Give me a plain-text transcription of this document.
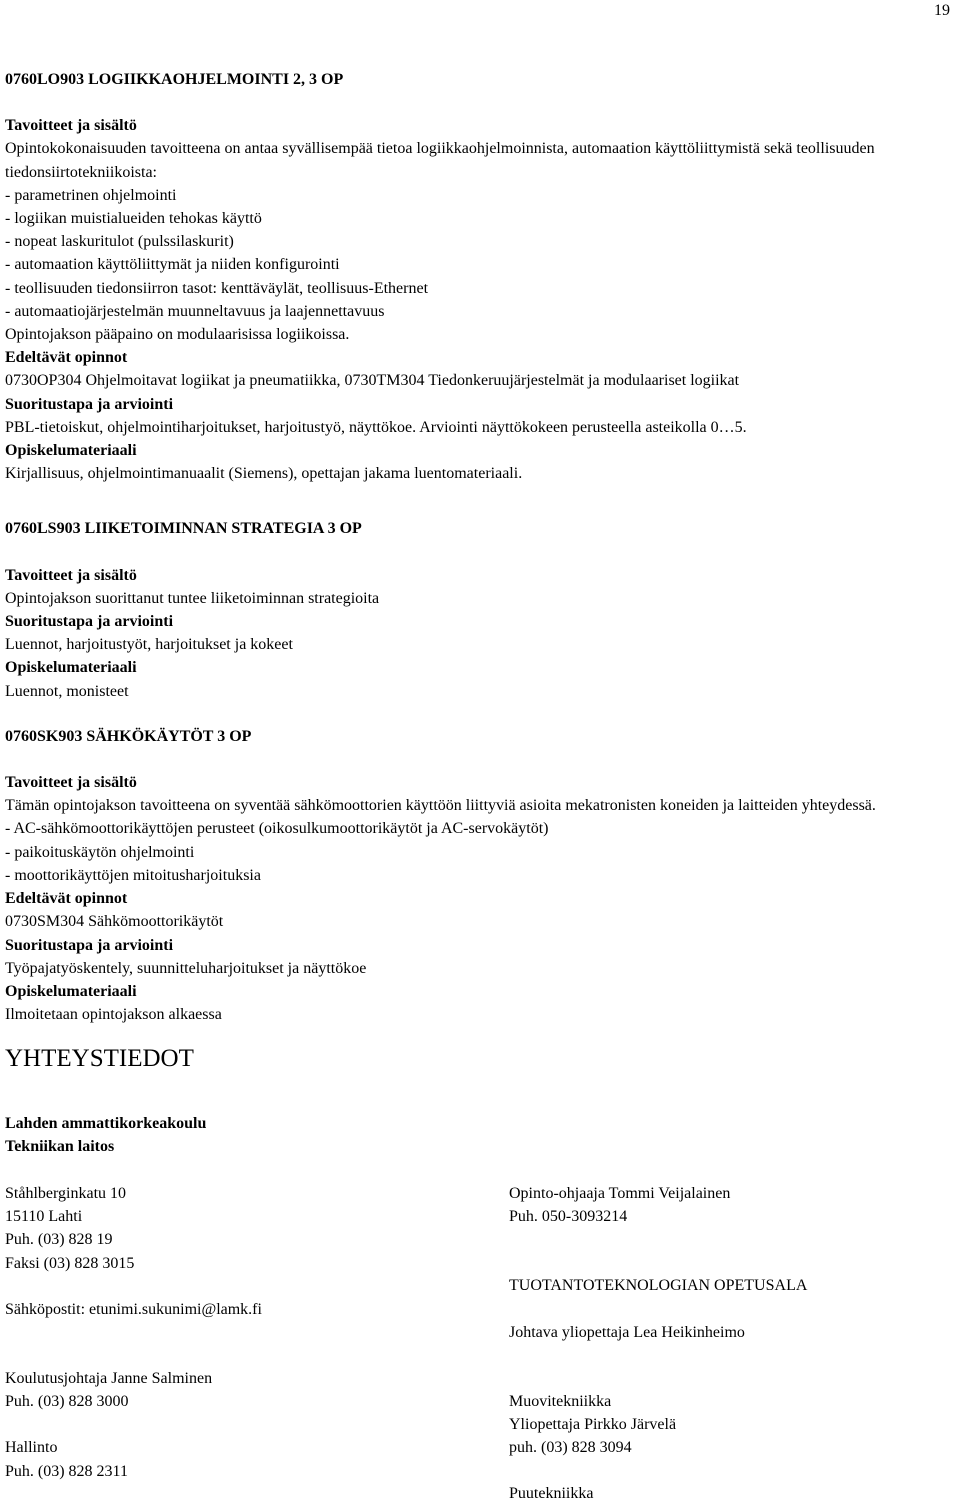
19
0760LO903 LOGIIKKAOHJELMOINTI 2, 3 OP
Tavoitteet ja sisältö
Opintokokonaisuuden tavoitteena on antaa syvällisempää tietoa logiikkaohjelmoinnista, automaation käyttöliittymistä sekä teollisuuden tiedonsiirtotekniikoista:
- parametrinen ohjelmointi
- logiikan muistialueiden tehokas käyttö
- nopeat laskuritulot (pulssilaskurit)
- automaation käyttöliittymät ja niiden konfigurointi
- teollisuuden tiedonsiirron tasot: kenttäväylät, teollisuus-Ethernet
- automaatiojärjestelmän muunneltavuus ja laajennettavuus
Opintojakson pääpaino on modulaarisissa logiikoissa.
Edeltävät opinnot
0730OP304 Ohjelmoitavat logiikat ja pneumatiikka, 0730TM304 Tiedonkeruujärjestelmät ja modulaariset logiikat
Suoritustapa ja arviointi
PBL-tietoiskut, ohjelmointiharjoitukset, harjoitustyö, näyttökoe. Arviointi näyttökokeen perusteella asteikolla 0…5.
Opiskelumateriaali
Kirjallisuus, ohjelmointimanuaalit (Siemens), opettajan jakama luentomateriaali.
0760LS903 LIIKETOIMINNAN STRATEGIA 3 OP
Tavoitteet ja sisältö
Opintojakson suorittanut tuntee liiketoiminnan strategioita
Suoritustapa ja arviointi
Luennot, harjoitustyöt, harjoitukset ja kokeet
Opiskelumateriaali
Luennot, monisteet
0760SK903 SÄHKÖKÄYTÖT 3 OP
Tavoitteet ja sisältö
Tämän opintojakson tavoitteena on syventää sähkömoottorien käyttöön liittyviä asioita mekatronisten koneiden ja laitteiden yhteydessä.
- AC-sähkömoottorikäyttöjen perusteet (oikosulkumoottorikäytöt ja AC-servokäytöt)
- paikoituskäytön ohjelmointi
- moottorikäyttöjen mitoitusharjoituksia
Edeltävät opinnot
0730SM304 Sähkömoottorikäytöt
Suoritustapa ja arviointi
Työpajatyöskentely, suunnitteluharjoitukset ja näyttökoe
Opiskelumateriaali
Ilmoitetaan opintojakson alkaessa
YHTEYSTIEDOT
Lahden ammattikorkeakoulu
Tekniikan laitos
Ståhlberginkatu 10
15110 Lahti
Puh. (03) 828 19
Faksi (03) 828 3015
Sähköpostit: etunimi.sukunimi@lamk.fi
Koulutusjohtaja Janne Salminen
Puh. (03) 828 3000
Hallinto
Puh. (03) 828 2311
Opinto-ohjaaja Tommi Veijalainen
Puh. 050-3093214
TUOTANTOTEKNOLOGIAN OPETUSALA
Johtava yliopettaja Lea Heikinheimo
Muovitekniikka
Yliopettaja Pirkko Järvelä
puh. (03) 828 3094
Puutekniikka
